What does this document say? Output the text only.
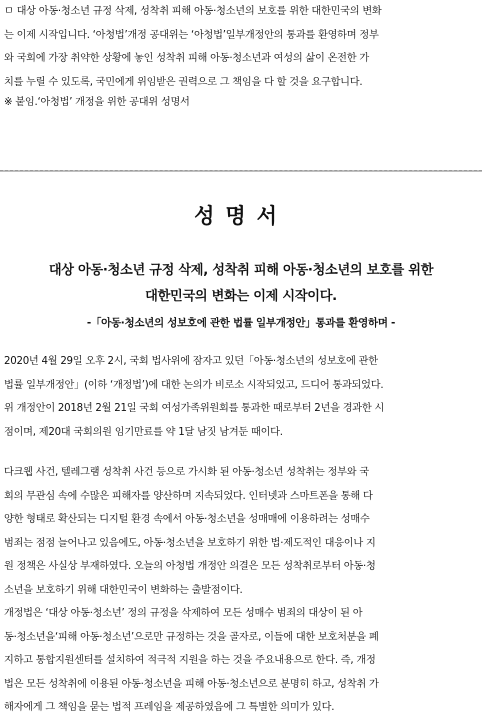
ㅁ 대상 아동·청소년 규정 삭제, 성착취 피해 아동·청소년의 보호를 위한 대한민국의 변화
는 이제 시작입니다. ‘아청법’개정 공대위는 ‘아청법’일부개정안의 통과를 환영하며 정부
와 국회에 가장 취약한 상황에 놓인 성착취 피해 아동·청소년과 여성의 삶이 온전한 가
치를 누릴 수 있도록, 국민에게 위임받은 권력으로 그 책임을 다 할 것을 요구합니다.
※ 붙임.‘아청법’ 개정을 위한 공대위 성명서
성명서
대상 아동·청소년 규정 삭제, 성착취 피해 아동·청소년의 보호를 위한
대한민국의 변화는 이제 시작이다.
-「아동·청소년의 성보호에 관한 법률 일부개정안」통과를 환영하며 -
2020년 4월 29일 오후 2시, 국회 법사위에 잠자고 있던「아동·청소년의 성보호에 관한
법률 일부개정안」(이하 ‘개정법’)에 대한 논의가 비로소 시작되었고, 드디어 통과되었다.
위 개정안이 2018년 2월 21일 국회 여성가족위원회를 통과한 때로부터 2년을 경과한 시
점이며, 제20대 국회의원 임기만료를 약 1달 남짓 남겨둔 때이다.
다크웹 사건, 텔레그램 성착취 사건 등으로 가시화 된 아동·청소년 성착취는 정부와 국
회의 무관심 속에 수많은 피해자를 양산하며 지속되었다. 인터넷과 스마트폰을 통해 다
양한 형태로 확산되는 디지털 환경 속에서 아동·청소년을 성매매에 이용하려는 성매수
범죄는 점점 늘어나고 있음에도, 아동·청소년을 보호하기 위한 법·제도적인 대응이나 지
원 정책은 사실상 부재하였다. 오늘의 아청법 개정안 의결은 모든 성착취로부터 아동·청
소년을 보호하기 위해 대한민국이 변화하는 출발점이다.
개정법은 ‘대상 아동·청소년’ 정의 규정을 삭제하여 모든 성매수 범죄의 대상이 된 아
동·청소년을‘피해 아동·청소년’으로만 규정하는 것을 골자로, 이들에 대한 보호처분을 폐
지하고 통합지원센터를 설치하여 적극적 지원을 하는 것을 주요내용으로 한다. 즉, 개정
법은 모든 성착취에 이용된 아동·청소년을 피해 아동·청소년으로 분명히 하고, 성착취 가
해자에게 그 책임을 묻는 법적 프레임을 제공하였음에 그 특별한 의미가 있다.
